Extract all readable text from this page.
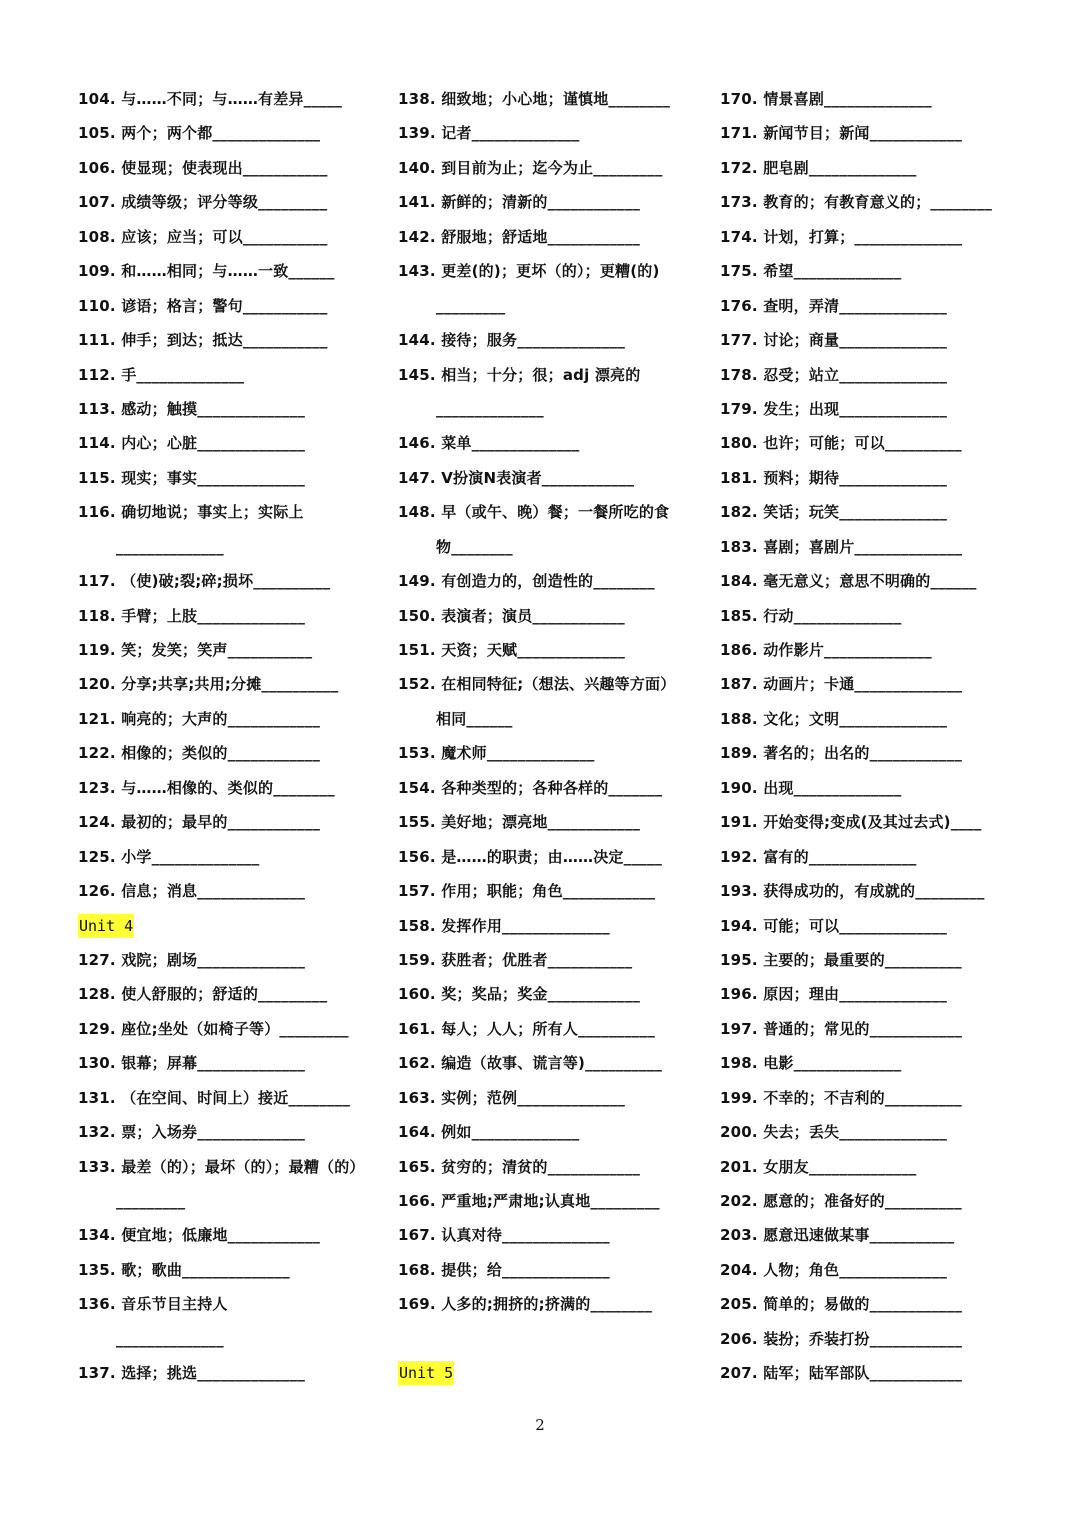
104. 与……不同；与……有差异_____
105. 两个；两个都______________
106. 使显现；使表现出___________
107. 成绩等级；评分等级_________
108. 应该；应当；可以___________
109. 和……相同；与……一致______
110. 谚语；格言；警句___________
111. 伸手；到达；抵达___________
112. 手______________
113. 感动；触摸______________
114. 内心；心脏______________
115. 现实；事实______________
116. 确切地说；事实上；实际上
______________
117. （使)破;裂;碎;损坏__________
118. 手臂；上肢______________
119. 笑；发笑；笑声___________
120. 分享;共享;共用;分摊__________
121. 响亮的；大声的____________
122. 相像的；类似的____________
123. 与……相像的、类似的________
124. 最初的；最早的____________
125. 小学______________
126. 信息；消息______________
Unit 4
127. 戏院；剧场______________
128. 使人舒服的；舒适的_________
129. 座位;坐处（如椅子等）_________
130. 银幕；屏幕______________
131. （在空间、时间上）接近________
132. 票；入场券______________
133. 最差（的）；最坏（的）；最糟（的）
_________
134. 便宜地；低廉地____________
135. 歌；歌曲______________
136. 音乐节目主持人
______________
137. 选择；挑选______________
138. 细致地；小心地；谨慎地________
139. 记者______________
140. 到目前为止；迄今为止_________
141. 新鲜的；清新的____________
142. 舒服地；舒适地____________
143. 更差(的)；更坏（的）；更糟(的)
_________
144. 接待；服务______________
145. 相当；十分；很；adj 漂亮的
______________
146. 菜单______________
147. V扮演N表演者____________
148. 早（或午、晚）餐；一餐所吃的食
物________
149. 有创造力的，创造性的________
150. 表演者；演员____________
151. 天资；天赋______________
152. 在相同特征;（想法、兴趣等方面）
相同______
153. 魔术师______________
154. 各种类型的；各种各样的_______
155. 美好地；漂亮地____________
156. 是……的职责；由……决定_____
157. 作用；职能；角色____________
158. 发挥作用______________
159. 获胜者；优胜者___________
160. 奖；奖品；奖金____________
161. 每人；人人；所有人__________
162. 编造（故事、谎言等)__________
163. 实例；范例______________
164. 例如______________
165. 贫穷的；清贫的____________
166. 严重地;严肃地;认真地_________
167. 认真对待______________
168. 提供；给______________
169. 人多的;拥挤的;挤满的________
Unit 5
170. 情景喜剧______________
171. 新闻节目；新闻____________
172. 肥皂剧______________
173. 教育的；有教育意义的；________
174. 计划，打算；______________
175. 希望______________
176. 查明，弄清______________
177. 讨论；商量______________
178. 忍受；站立______________
179. 发生；出现______________
180. 也许；可能；可以__________
181. 预料；期待______________
182. 笑话；玩笑______________
183. 喜剧；喜剧片______________
184. 毫无意义；意思不明确的______
185. 行动______________
186. 动作影片______________
187. 动画片；卡通______________
188. 文化；文明______________
189. 著名的；出名的____________
190. 出现______________
191. 开始变得;变成(及其过去式)____
192. 富有的______________
193. 获得成功的，有成就的_________
194. 可能；可以______________
195. 主要的；最重要的__________
196. 原因；理由______________
197. 普通的；常见的____________
198. 电影______________
199. 不幸的；不吉利的__________
200. 失去；丢失______________
201. 女朋友______________
202. 愿意的；准备好的__________
203. 愿意迅速做某事___________
204. 人物；角色______________
205. 简单的；易做的____________
206. 装扮；乔装打扮____________
207. 陆军；陆军部队____________
2
